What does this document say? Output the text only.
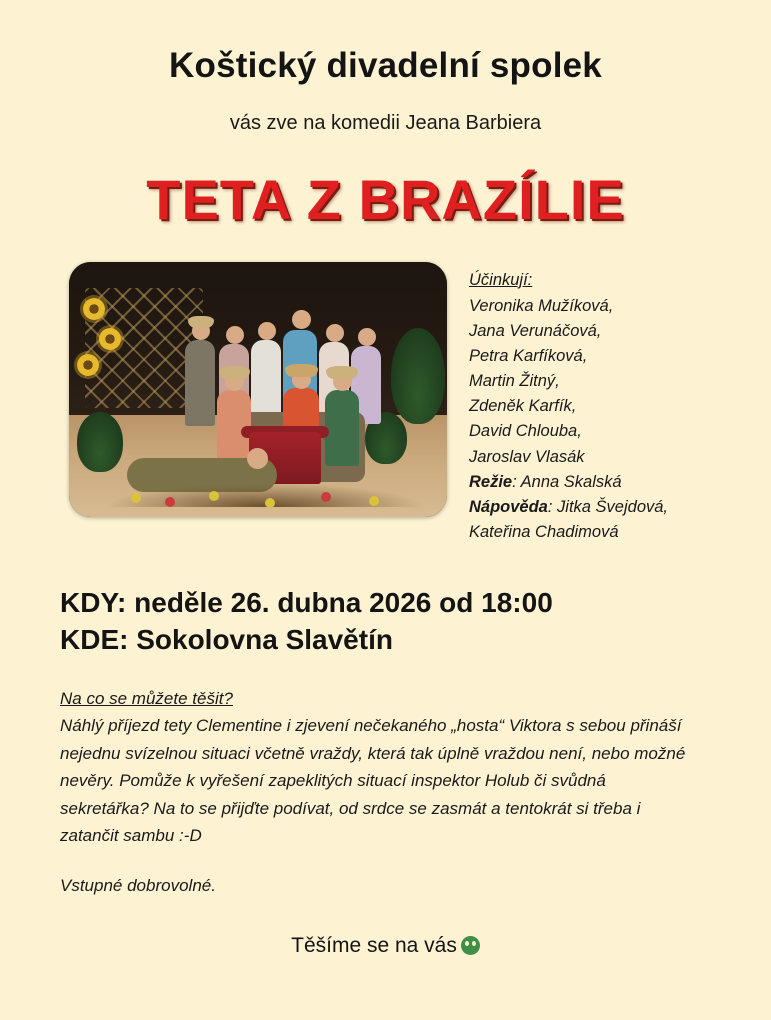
Koštický divadelní spolek
vás zve na komedii Jeana Barbiera
TETA Z BRAZÍLIE
Účinkují:
Veronika Mužíková,
Jana Verunáčová,
Petra Karfíková,
Martin Žitný,
Zdeněk Karfík,
David Chlouba,
Jaroslav Vlasák
Režie: Anna Skalská
Nápověda: Jitka Švejdová,
Kateřina Chadimová
KDY: neděle 26. dubna 2026 od 18:00
KDE: Sokolovna Slavětín
Na co se můžete těšit?

Náhlý příjezd tety Clementine i zjevení nečekaného „hosta“ Viktora s sebou přináší nejednu svízelnou situaci včetně vraždy, která tak úplně vraždou není, nebo možné nevěry. Pomůže k vyřešení zapeklitých situací inspektor Holub či svůdná sekretářka? Na to se přijďte podívat, od srdce se zasmát a tentokrát si třeba i zatančit sambu :-D

Vstupné dobrovolné.
Těšíme se na vás
